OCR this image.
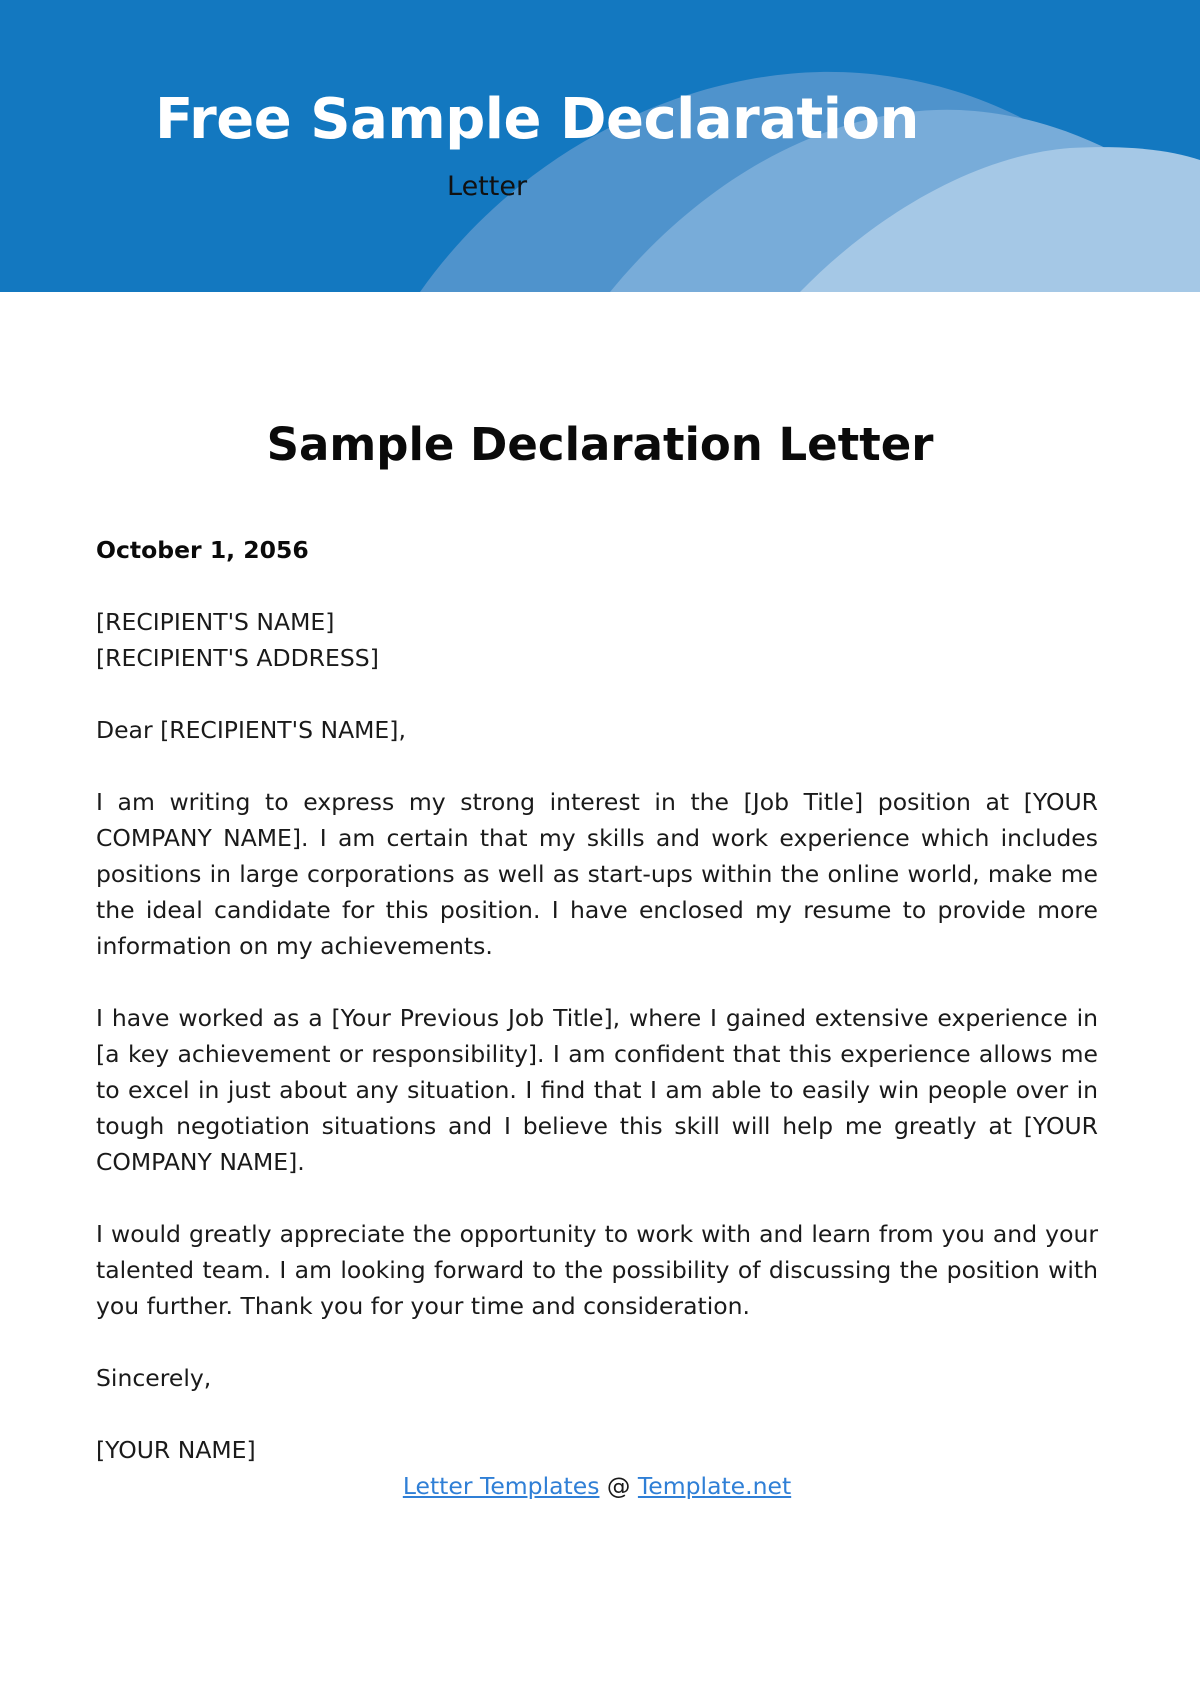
Free Sample Declaration
Letter
Sample Declaration Letter

October 1, 2056

[RECIPIENT'S NAME]
[RECIPIENT'S ADDRESS]

Dear [RECIPIENT'S NAME],

I am writing to express my strong interest in the [Job Title] position at [YOUR COMPANY NAME]. I am certain that my skills and work experience which includes positions in large corporations as well as start-ups within the online world, make me the ideal candidate for this position. I have enclosed my resume to provide more information on my achievements.

I have worked as a [Your Previous Job Title], where I gained extensive experience in [a key achievement or responsibility]. I am confident that this experience allows me to excel in just about any situation. I find that I am able to easily win people over in tough negotiation situations and I believe this skill will help me greatly at [YOUR COMPANY NAME].

I would greatly appreciate the opportunity to work with and learn from you and your talented team. I am looking forward to the possibility of discussing the position with you further. Thank you for your time and consideration.

Sincerely,

[YOUR NAME]

Letter Templates @ Template.net
